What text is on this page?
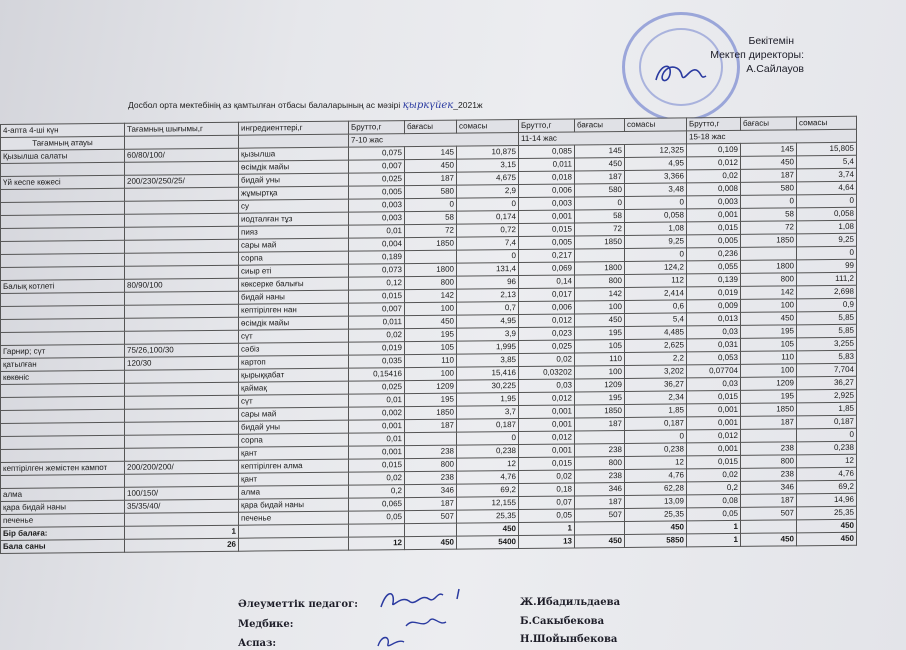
Бекітемін
Мектеп директоры:
А.Сайлауов
Досбол орта мектебінің аз қамтылған отбасы балаларының ас мәзірі қыркүйек_2021ж
4-апта 4-ші күн	Тағамның шығымы,г	ингредиенттері,г	Брутто,г	бағасы	сомасы	Брутто,г	бағасы	сомасы	Брутто,г	бағасы	сомасы
Тағамның атауы			7-10 жас			11-14 жас			15-18 жас		
Қызылша салаты	60/80/100/	қызылша	0,075	145	10,875	0,085	145	12,325	0,109	145	15,805
		өсімдік майы	0,007	450	3,15	0,011	450	4,95	0,012	450	5,4
Үй кеспе көжесі	200/230/250/25/	бидай уны	0,025	187	4,675	0,018	187	3,366	0,02	187	3,74
		жұмыртқа	0,005	580	2,9	0,006	580	3,48	0,008	580	4,64
		су	0,003	0	0	0,003	0	0	0,003	0	0
		иодталған тұз	0,003	58	0,174	0,001	58	0,058	0,001	58	0,058
		пияз	0,01	72	0,72	0,015	72	1,08	0,015	72	1,08
		сары май	0,004	1850	7,4	0,005	1850	9,25	0,005	1850	9,25
		сорпа	0,189		0	0,217		0	0,236		0
		сиыр еті	0,073	1800	131,4	0,069	1800	124,2	0,055	1800	99
Балық котлеті	80/90/100	көксерке балығы	0,12	800	96	0,14	800	112	0,139	800	111,2
		бидай наны	0,015	142	2,13	0,017	142	2,414	0,019	142	2,698
		кептірілген нан	0,007	100	0,7	0,006	100	0,6	0,009	100	0,9
		өсімдік майы	0,011	450	4,95	0,012	450	5,4	0,013	450	5,85
		сүт	0,02	195	3,9	0,023	195	4,485	0,03	195	5,85
Гарнир; сүт	75/26,100/30	сәбіз	0,019	105	1,995	0,025	105	2,625	0,031	105	3,255
қатылған	120/30	картоп	0,035	110	3,85	0,02	110	2,2	0,053	110	5,83
көкөніс		қырыққабат	0,15416	100	15,416	0,03202	100	3,202	0,07704	100	7,704
		қаймақ	0,025	1209	30,225	0,03	1209	36,27	0,03	1209	36,27
		сүт	0,01	195	1,95	0,012	195	2,34	0,015	195	2,925
		сары май	0,002	1850	3,7	0,001	1850	1,85	0,001	1850	1,85
		бидай уны	0,001	187	0,187	0,001	187	0,187	0,001	187	0,187
		сорпа	0,01		0	0,012		0	0,012		0
		қант	0,001	238	0,238	0,001	238	0,238	0,001	238	0,238
кептірілген жемістен кампот	200/200/200/	кептірілген алма	0,015	800	12	0,015	800	12	0,015	800	12
		қант	0,02	238	4,76	0,02	238	4,76	0,02	238	4,76
алма	100/150/	алма	0,2	346	69,2	0,18	346	62,28	0,2	346	69,2
қара бидай наны	35/35/40/	қара бидай наны	0,065	187	12,155	0,07	187	13,09	0,08	187	14,96
печенье		печенье	0,05	507	25,35	0,05	507	25,35	0,05	507	25,35
Бір балаға:	1				450	1		450	1		450
Бала саны	26		12	450	5400	13	450	5850	1	450	450
Әлеуметтік педагог:	Ж.Ибадильдаева
Медбике:	Б.Сакыбекова
Аспаз:	Н.Шойынбекова
